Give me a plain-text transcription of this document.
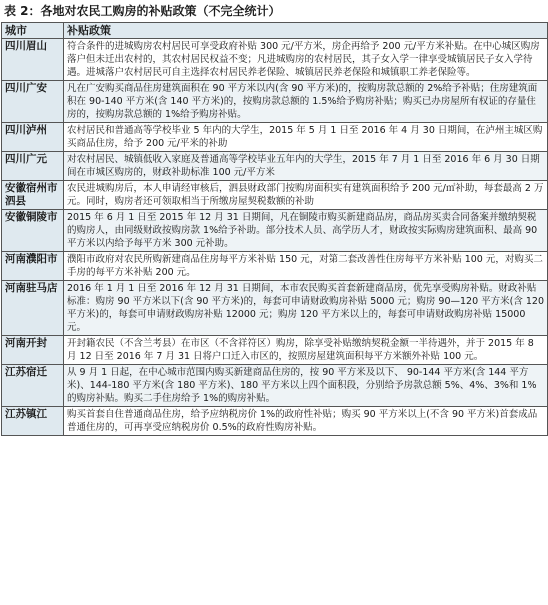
表 2：各地对农民工购房的补贴政策（不完全统计）
城市	补贴政策
四川眉山	符合条件的进城购房农村居民可享受政府补贴 300 元/平方米，房企再给予 200 元/平方米补贴。在中心城区购房落户但未迁出农村的，其农村居民权益不变；凡进城购房的农村居民，其子女入学一律享受城镇居民子女入学待遇。进城落户农村居民可自主选择农村居民养老保险、城镇居民养老保险和城镇职工养老保险等。
四川广安	凡在广安购买商品住房建筑面积在 90 平方米以内(含 90 平方米)的，按购房款总额的 2%给予补贴；住房建筑面积在 90-140 平方米(含 140 平方米)的，按购房款总额的 1.5%给予购房补贴；购买已办房屋所有权证的存量住房的，按购房款总额的 1%给予购房补贴。
四川泸州	农村居民和普通高等学校毕业 5 年内的大学生，2015 年 5 月 1 日至 2016 年 4 月 30 日期间，在泸州主城区购买商品住房，给予 200 元/平米的补助
四川广元	对农村居民、城镇低收入家庭及普通高等学校毕业五年内的大学生，2015 年 7 月 1 日至 2016 年 6 月 30 日期间在市城区购房的，财政补助标准 100 元/平方米
安徽宿州市泗县	农民进城购房后，本人申请经审核后，泗县财政部门按购房面积实有建筑面积给予 200 元/㎡补助，每套最高 2 万元。同时，购房者还可领取相当于所缴房屋契税数额的补助
安徽铜陵市	2015 年 6 月 1 日至 2015 年 12 月 31 日期间，凡在铜陵市购买新建商品房，商品房买卖合同备案并缴纳契税的购房人，由同级财政按购房款 1%给予补助。部分技术人员、高学历人才，财政按实际购房建筑面积、最高 90 平方米以内给予每平方米 300 元补助。
河南濮阳市	濮阳市政府对农民所购新建商品住房每平方米补贴 150 元，对第二套改善性住房每平方米补贴 100 元，对购买二手房的每平方米补贴 200 元。
河南驻马店	2016 年 1 月 1 日至 2016 年 12 月 31 日期间，本市农民购买首套新建商品房，优先享受购房补贴。财政补贴标准：购房 90 平方米以下(含 90 平方米)的，每套可申请财政购房补贴 5000 元；购房 90—120 平方米(含 120 平方米)的，每套可申请财政购房补贴 12000 元；购房 120 平方米以上的，每套可申请财政购房补贴 15000 元。
河南开封	开封籍农民（不含兰考县）在市区（不含祥符区）购房，除享受补贴缴纳契税金额一半待遇外，并于 2015 年 8 月 12 日至 2016 年 7 月 31 日将户口迁入市区的，按照房屋建筑面积每平方米额外补贴 100 元。
江苏宿迁	从 9 月 1 日起，在中心城市范围内购买新建商品住房的，按 90 平方米及以下、 90-144 平方米(含 144 平方米)、144-180 平方米(含 180 平方米)、180 平方米以上四个面积段，分别给予房款总额 5%、4%、3%和 1%的购房补贴。购买二手住房给予 1%的购房补贴。
江苏镇江	购买首套自住普通商品住房，给予应纳税房价 1%的政府性补贴；购买 90 平方米以上(不含 90 平方米)首套成品普通住房的，可再享受应纳税房价 0.5%的政府性购房补贴。
